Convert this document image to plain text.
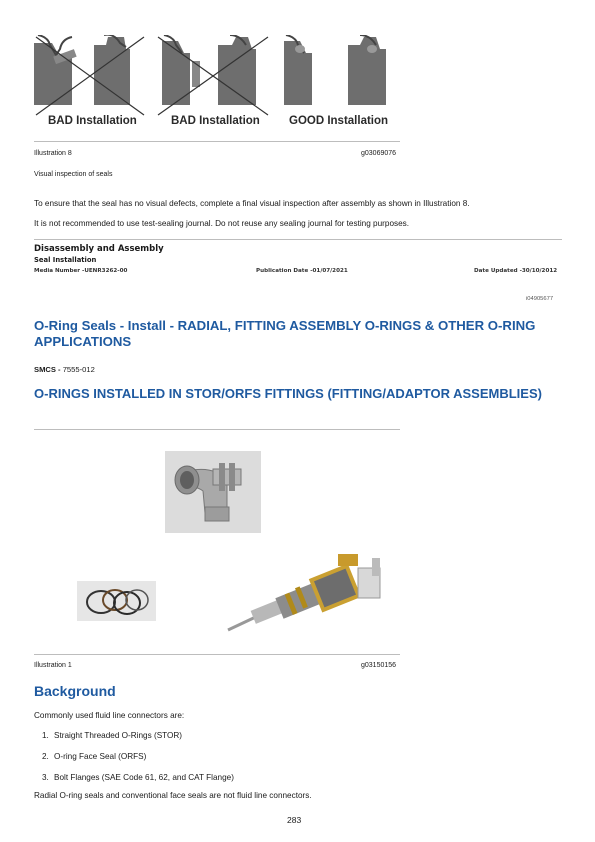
BAD Installation	BAD Installation	GOOD Installation
Illustration 8	g03069076
Visual inspection of seals
To ensure that the seal has no visual defects, complete a final visual inspection after assembly as shown in Illustration 8.
It is not recommended to use test-sealing journal. Do not reuse any sealing journal for testing purposes.
Disassembly and Assembly
Seal Installation
Media Number -UENR3262-00	Publication Date -01/07/2021	Date Updated -30/10/2012
i04905677
O-Ring Seals - Install - RADIAL, FITTING ASSEMBLY O-RINGS & OTHER O-RING APPLICATIONS
SMCS - 7555-012
O-RINGS INSTALLED IN STOR/ORFS FITTINGS (FITTING/ADAPTOR ASSEMBLIES)
Illustration 1	g03150156
Background
Commonly used fluid line connectors are:
1. Straight Threaded O-Rings (STOR)
2. O-ring Face Seal (ORFS)
3. Bolt Flanges (SAE Code 61, 62, and CAT Flange)
Radial O-ring seals and conventional face seals are not fluid line connectors.
283
